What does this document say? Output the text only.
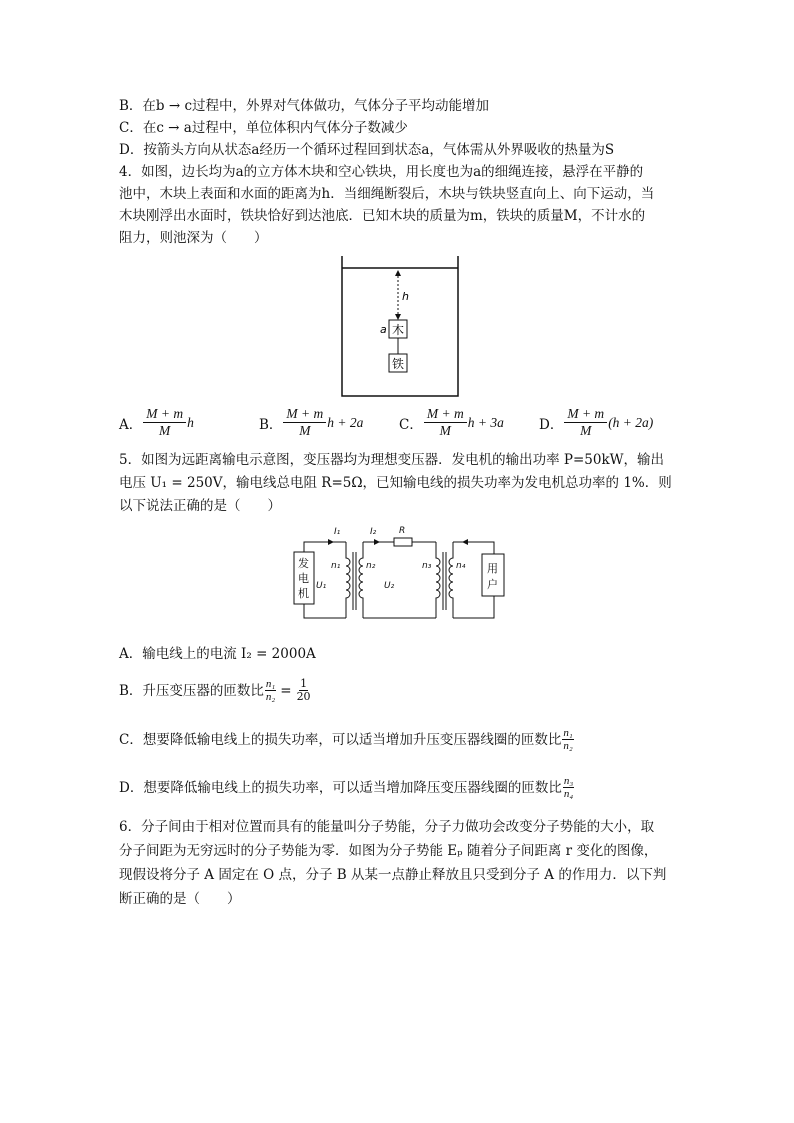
B．在b → c过程中，外界对气体做功，气体分子平均动能增加
C．在c → a过程中，单位体积内气体分子数减少
D．按箭头方向从状态a经历一个循环过程回到状态a，气体需从外界吸收的热量为S
4．如图，边长均为a的立方体木块和空心铁块，用长度也为a的细绳连接，悬浮在平静的
池中，木块上表面和水面的距离为h．当细绳断裂后，木块与铁块竖直向上、向下运动，当
木块刚浮出水面时，铁块恰好到达池底．已知木块的质量为m，铁块的质量M，不计水的
阻力，则池深为（　　）
h
木
a
铁
A． $\frac{M + m}{M}$ h	B． $\frac{M + m}{M}$ h + 2a	C． $\frac{M + m}{M}$ h + 3a	D． $\frac{M + m}{M} (h + 2a)$
5．如图为远距离输电示意图，变压器均为理想变压器．发电机的输出功率 P=50kW，输出
电压 U₁ = 250V，输电线总电阻 R=5Ω，已知输电线的损失功率为发电机总功率的 1%．则
以下说法正确的是（　　）
I₁	I₂	R
n₁	n₂	n₃	n₄
U₁	U₂
发
电
机
用
户
A．输电线上的电流 I₂ = 2000A
B．升压变压器的匝数比 $\frac{\text{n₁}}{\text{n₂}} = \frac{1}{20}$
C．想要降低输电线上的损失功率，可以适当增加升压变压器线圈的匝数比 $\frac{\text{n₁}}{\text{n₂}}$
D．想要降低输电线上的损失功率，可以适当增加降压变压器线圈的匝数比 $\frac{\text{n₃}}{\text{n₄}}$
6．分子间由于相对位置而具有的能量叫分子势能，分子力做功会改变分子势能的大小，取
分子间距为无穷远时的分子势能为零．如图为分子势能 Eₚ 随着分子间距离 r 变化的图像，
现假设将分子 A 固定在 O 点，分子 B 从某一点静止释放且只受到分子 A 的作用力．以下判
断正确的是（　　）
